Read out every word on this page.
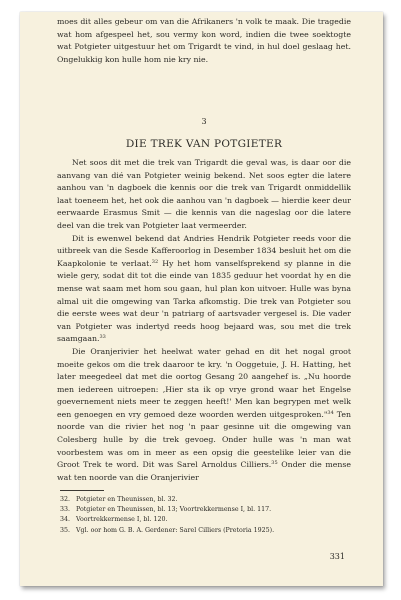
moes dit alles gebeur om van die Afrikaners 'n volk te maak. Die tragedie wat hom afgespeel het, sou vermy kon word, indien die twee soektogte wat Potgieter uitgestuur het om Trigardt te vind, in hul doel geslaag het. Ongelukkig kon hulle hom nie kry nie.

3
DIE TREK VAN POTGIETER

Net soos dit met die trek van Trigardt die geval was, is daar oor die aanvang van dié van Potgieter weinig bekend. Net soos egter die latere aanhou van 'n dagboek die kennis oor die trek van Trigardt onmiddellik laat toeneem het, het ook die aanhou van 'n dagboek — hierdie keer deur eerwaarde Erasmus Smit — die kennis van die nageslag oor die latere deel van die trek van Potgieter laat vermeerder.

Dit is ewenwel bekend dat Andries Hendrik Potgieter reeds voor die uitbreek van die Sesde Kafferoorlog in Desember 1834 besluit het om die Kaapkolonie te verlaat.$^{32}$ Hy het hom vanselfsprekend sy planne in die wiele gery, sodat dit tot die einde van 1835 geduur het voordat hy en die mense wat saam met hom sou gaan, hul plan kon uitvoer. Hulle was byna almal uit die omgewing van Tarka afkomstig. Die trek van Potgieter sou die eerste wees wat deur 'n patriarg of aartsvader vergesel is. Die vader van Potgieter was indertyd reeds hoog bejaard was, sou met die trek saamgaan.$^{33}$

Die Oranjerivier het heelwat water gehad en dit het nogal groot moeite gekos om die trek daaroor te kry. 'n Ooggetuie, J. H. Hatting, het later meegedeel dat met die oortog Gesang 20 aangehef is. „Nu hoorde men iedereen uitroepen: ‚Hier sta ik op vrye grond waar het Engelse goevernement niets meer te zeggen heeft!' Men kan begrypen met welk een genoegen en vry gemoed deze woorden werden uitgesproken."$^{34}$ Ten noorde van die rivier het nog 'n paar gesinne uit die omgewing van Colesberg hulle by die trek gevoeg. Onder hulle was 'n man wat voorbestem was om in meer as een opsig die geestelike leier van die Groot Trek te word. Dit was Sarel Arnoldus Cilliers.$^{35}$ Onder die mense wat ten noorde van die Oranjerivier

32. Potgieter en Theunissen, bl. 32.
33. Potgieter en Theunissen, bl. 13; Voortrekkermense I, bl. 117.
34. Voortrekkermense I, bl. 120.
35. Vgl. oor hom G. B. A. Gerdener: Sarel Cilliers (Pretoria 1925).
331
